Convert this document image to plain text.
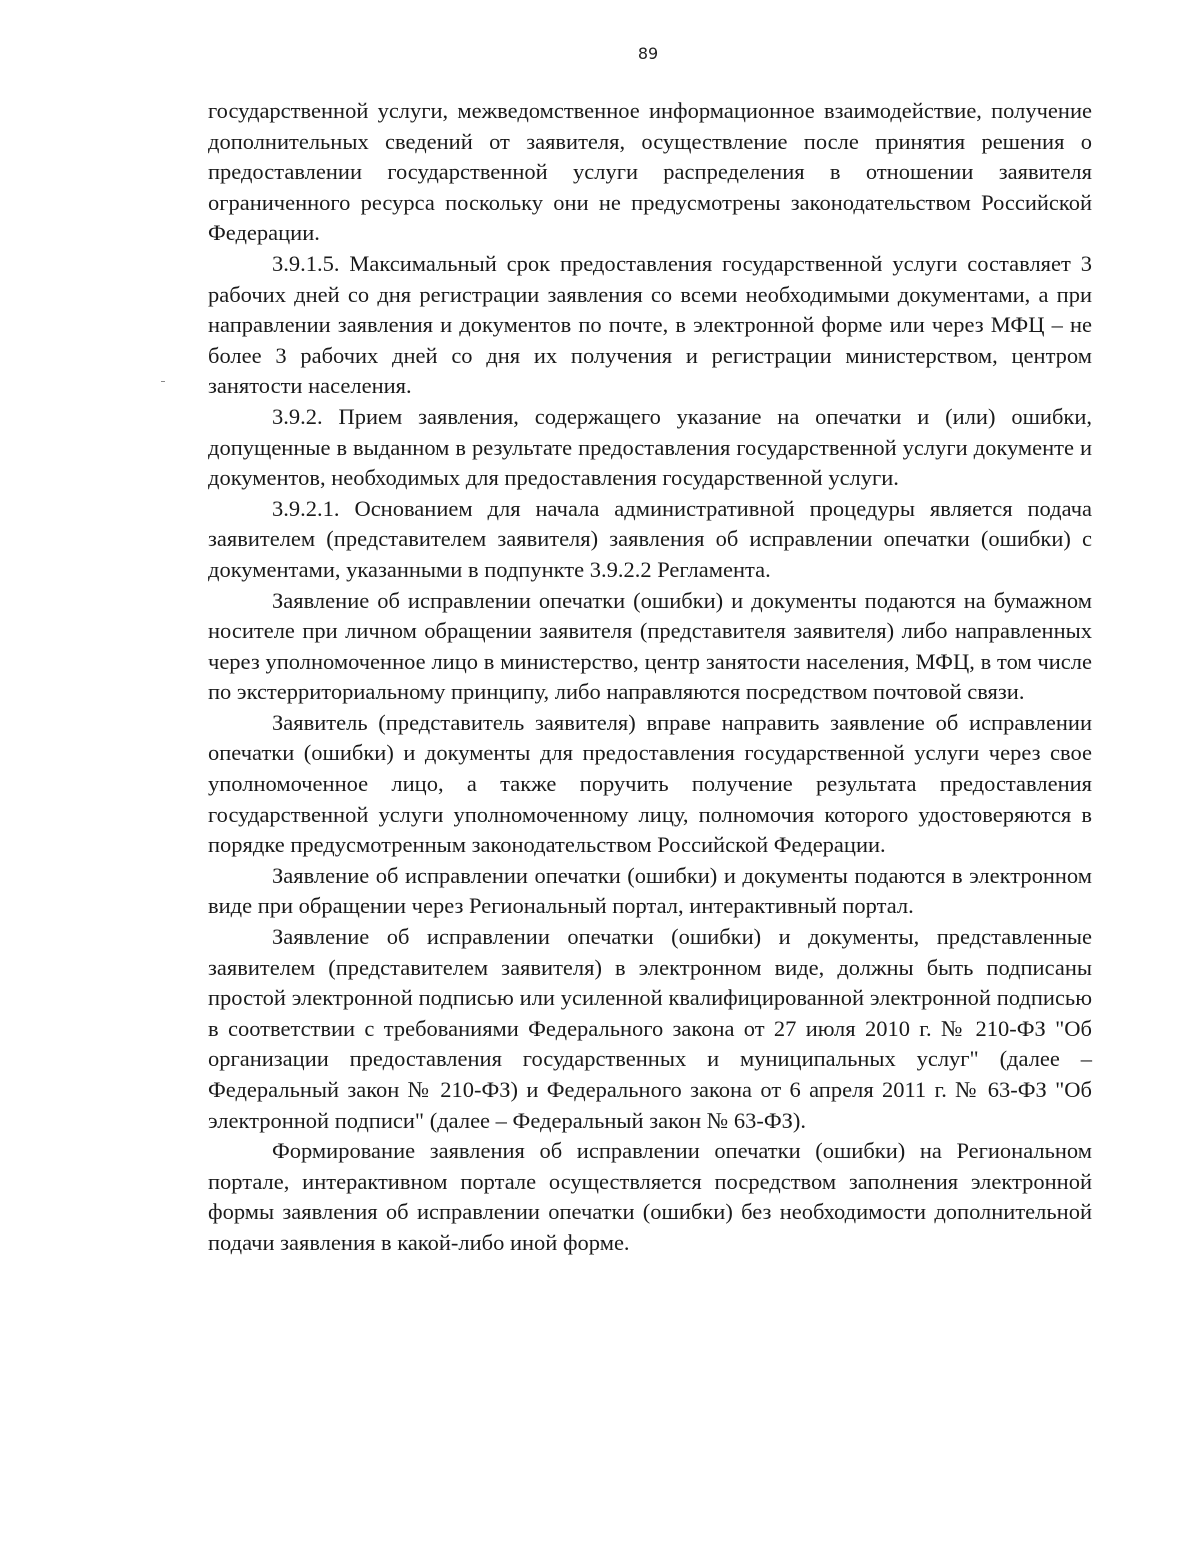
89

государственной услуги, межведомственное информационное взаимодействие, получение дополнительных сведений от заявителя, осуществление после принятия решения о предоставлении государственной услуги распределения в отношении заявителя ограниченного ресурса поскольку они не предусмотрены законодательством Российской Федерации.

3.9.1.5. Максимальный срок предоставления государственной услуги составляет 3 рабочих дней со дня регистрации заявления со всеми необходимыми документами, а при направлении заявления и документов по почте, в электронной форме или через МФЦ – не более 3 рабочих дней со дня их получения и регистрации министерством, центром занятости населения.

3.9.2. Прием заявления, содержащего указание на опечатки и (или) ошибки, допущенные в выданном в результате предоставления государственной услуги документе и документов, необходимых для предоставления государственной услуги.

3.9.2.1. Основанием для начала административной процедуры является подача заявителем (представителем заявителя) заявления об исправлении опечатки (ошибки) с документами, указанными в подпункте 3.9.2.2 Регламента.

Заявление об исправлении опечатки (ошибки) и документы подаются на бумажном носителе при личном обращении заявителя (представителя заявителя) либо направленных через уполномоченное лицо в министерство, центр занятости населения, МФЦ, в том числе по экстерриториальному принципу, либо направляются посредством почтовой связи.

Заявитель (представитель заявителя) вправе направить заявление об исправлении опечатки (ошибки) и документы для предоставления государственной услуги через свое уполномоченное лицо, а также поручить получение результата предоставления государственной услуги уполномоченному лицу, полномочия которого удостоверяются в порядке предусмотренным законодательством Российской Федерации.

Заявление об исправлении опечатки (ошибки) и документы подаются в электронном виде при обращении через Региональный портал, интерактивный портал.

Заявление об исправлении опечатки (ошибки) и документы, представленные заявителем (представителем заявителя) в электронном виде, должны быть подписаны простой электронной подписью или усиленной квалифицированной электронной подписью в соответствии с требованиями Федерального закона от 27 июля 2010 г. № 210-ФЗ "Об организации предоставления государственных и муниципальных услуг" (далее – Федеральный закон № 210-ФЗ) и Федерального закона от 6 апреля 2011 г. № 63-ФЗ "Об электронной подписи" (далее – Федеральный закон № 63-ФЗ).

Формирование заявления об исправлении опечатки (ошибки) на Региональном портале, интерактивном портале осуществляется посредством заполнения электронной формы заявления об исправлении опечатки (ошибки) без необходимости дополнительной подачи заявления в какой-либо иной форме.
